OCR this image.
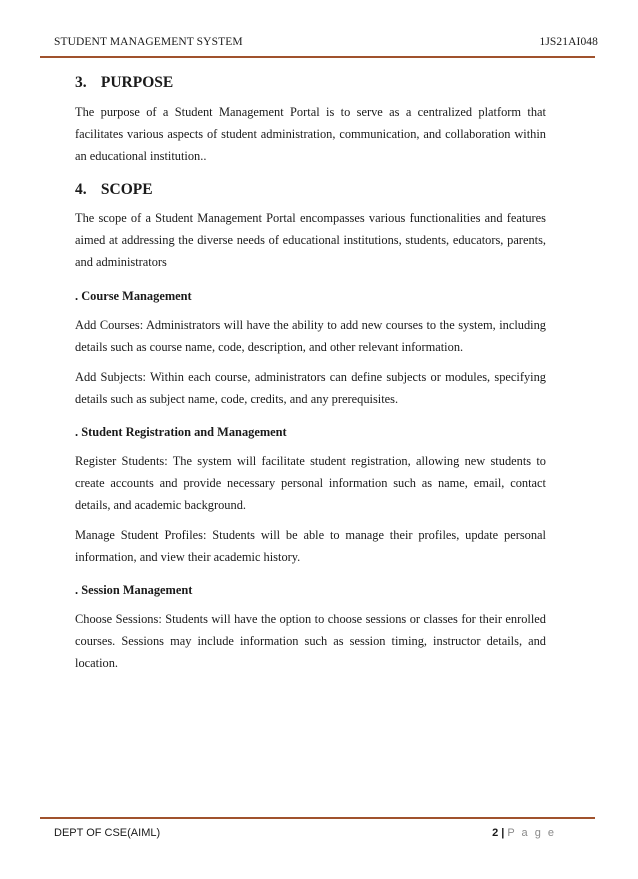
STUDENT MANAGEMENT SYSTEM	1JS21AI048
3. PURPOSE

The purpose of a Student Management Portal is to serve as a centralized platform that facilitates various aspects of student administration, communication, and collaboration within an educational institution..

4. SCOPE

The scope of a Student Management Portal encompasses various functionalities and features aimed at addressing the diverse needs of educational institutions, students, educators, parents, and administrators

. Course Management

Add Courses: Administrators will have the ability to add new courses to the system, including details such as course name, code, description, and other relevant information.

Add Subjects: Within each course, administrators can define subjects or modules, specifying details such as subject name, code, credits, and any prerequisites.

. Student Registration and Management

Register Students: The system will facilitate student registration, allowing new students to create accounts and provide necessary personal information such as name, email, contact details, and academic background.

Manage Student Profiles: Students will be able to manage their profiles, update personal information, and view their academic history.

. Session Management

Choose Sessions: Students will have the option to choose sessions or classes for their enrolled courses. Sessions may include information such as session timing, instructor details, and location.

DEPT OF CSE(AIML)	2 | P a g e
